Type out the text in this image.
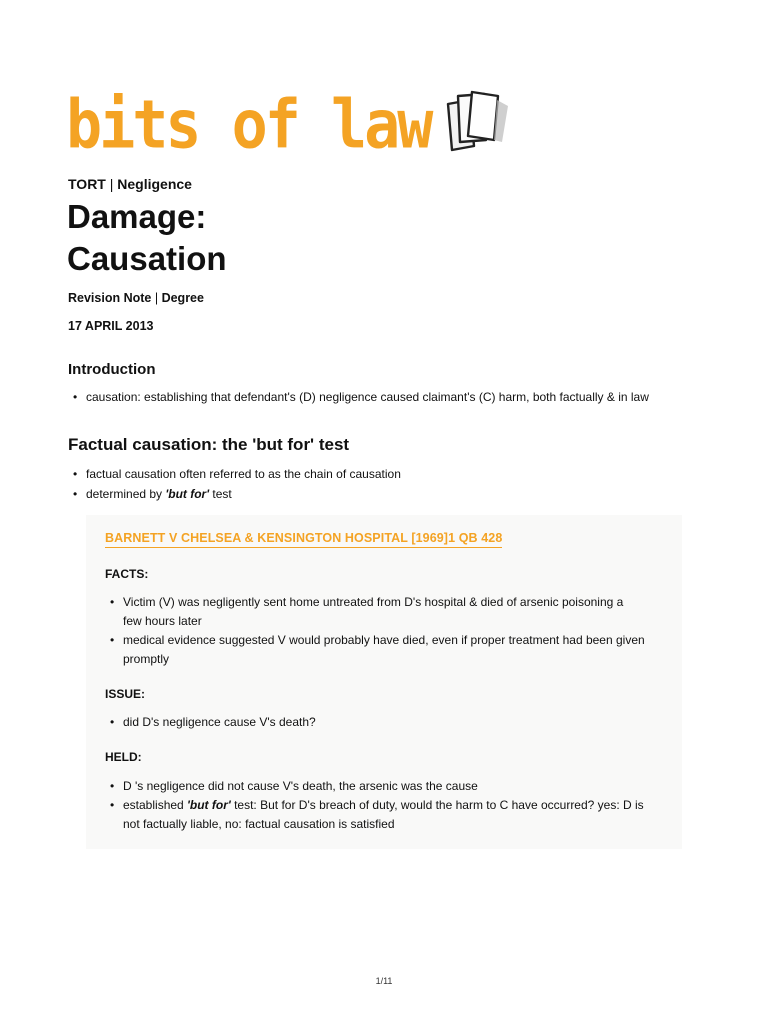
bits of law
TORT | Negligence
Damage:
Causation
Revision Note | Degree
17 APRIL 2013
Introduction
• causation: establishing that defendant's (D) negligence caused claimant's (C) harm, both factually & in law
Factual causation: the 'but for' test
• factual causation often referred to as the chain of causation
• determined by 'but for' test
BARNETT V CHELSEA & KENSINGTON HOSPITAL [1969]1 QB 428
FACTS:
• Victim (V) was negligently sent home untreated from D's hospital & died of arsenic poisoning a few hours later
• medical evidence suggested V would probably have died, even if proper treatment had been given promptly
ISSUE:
• did D's negligence cause V's death?
HELD:
• D 's negligence did not cause V's death, the arsenic was the cause
• established 'but for' test: But for D's breach of duty, would the harm to C have occurred? yes: D is not factually liable, no: factual causation is satisfied
1/11
